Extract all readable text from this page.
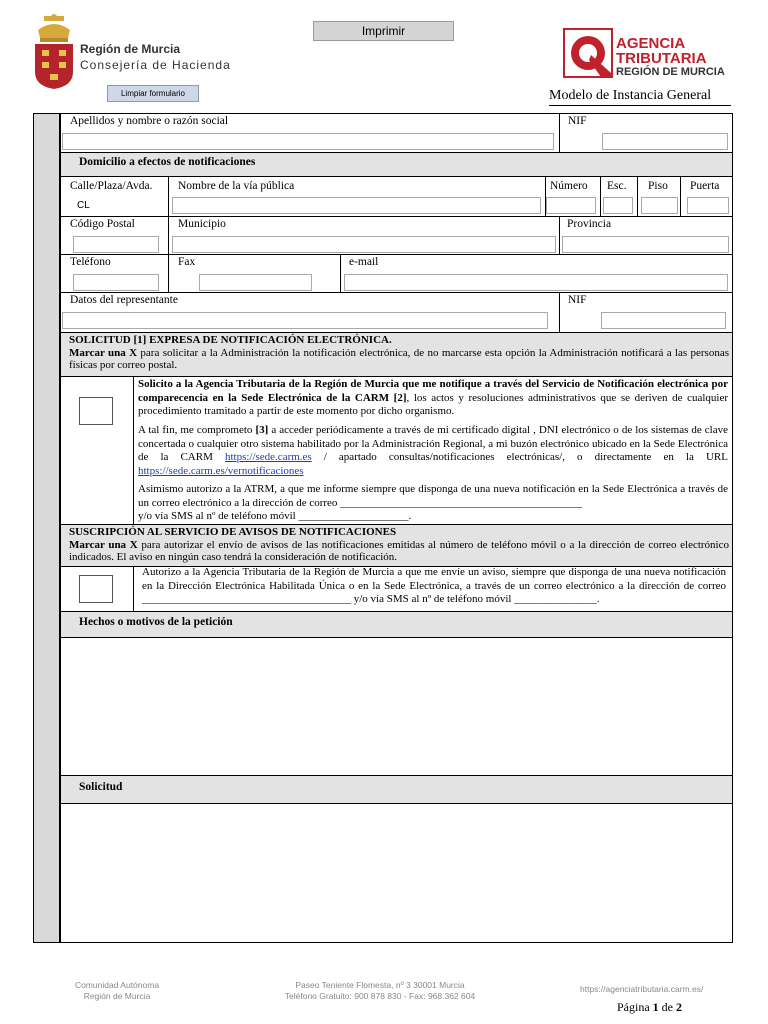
Imprimir
Región de Murcia
Consejería de Hacienda
Limpiar formulario
AGENCIA
TRIBUTARIA
REGIÓN DE MURCIA
Modelo de Instancia General
Apellidos y nombre o razón social	NIF
Domicilio a efectos de notificaciones
Calle/Plaza/Avda. Nombre de la vía pública	Número Esc. Piso Puerta
CL
Código Postal	Municipio	Provincia
Teléfono	Fax	e-mail
Datos del representante	NIF
SOLICITUD [1] EXPRESA DE NOTIFICACIÓN ELECTRÓNICA.
Marcar una X para solicitar a la Administración la notificación electrónica, de no marcarse esta opción la Administración notificará a las personas físicas por correo postal.
Solicito a la Agencia Tributaria de la Región de Murcia que me notifique a través del Servicio de Notificación electrónica por comparecencia en la Sede Electrónica de la CARM [2], los actos y resoluciones administrativos que se deriven de cualquier procedimiento tramitado a partir de este momento por dicho organismo.
A tal fin, me comprometo [3] a acceder periódicamente a través de mi certificado digital , DNI electrónico o de los sistemas de clave concertada o cualquier otro sistema habilitado por la Administración Regional, a mi buzón electrónico ubicado en la Sede Electrónica de la CARM https://sede.carm.es / apartado consultas/notificaciones electrónicas/, o directamente en la URL https://sede.carm.es/vernotificaciones
Asimismo autorizo a la ATRM, a que me informe siempre que disponga de una nueva notificación en la Sede Electrónica a través de un correo electrónico a la dirección de correo ____________________________________________
y/o vía SMS al nº de teléfono móvil ____________________.
SUSCRIPCIÓN AL SERVICIO DE AVISOS DE NOTIFICACIONES
Marcar una X para autorizar el envío de avisos de las notificaciones emitidas al número de teléfono móvil o a la dirección de correo electrónico indicados. El aviso en ningún caso tendrá la consideración de notificación.
Autorizo a la Agencia Tributaria de la Región de Murcia a que me envíe un aviso, siempre que disponga de una nueva notificación en la Dirección Electrónica Habilitada Única o en la Sede Electrónica, a través de un correo electrónico a la dirección de correo ______________________________________ y/o vía SMS al nº de teléfono móvil _______________.
Hechos o motivos de la petición
Solicitud
Comunidad Autónoma
Región de Murcia
Paseo Teniente Flomesta, nº 3 30001 Murcia
Teléfono Gratuito: 900 878 830 - Fax: 968.362 604
https://agenciatributaria.carm.es/
Página 1 de 2
